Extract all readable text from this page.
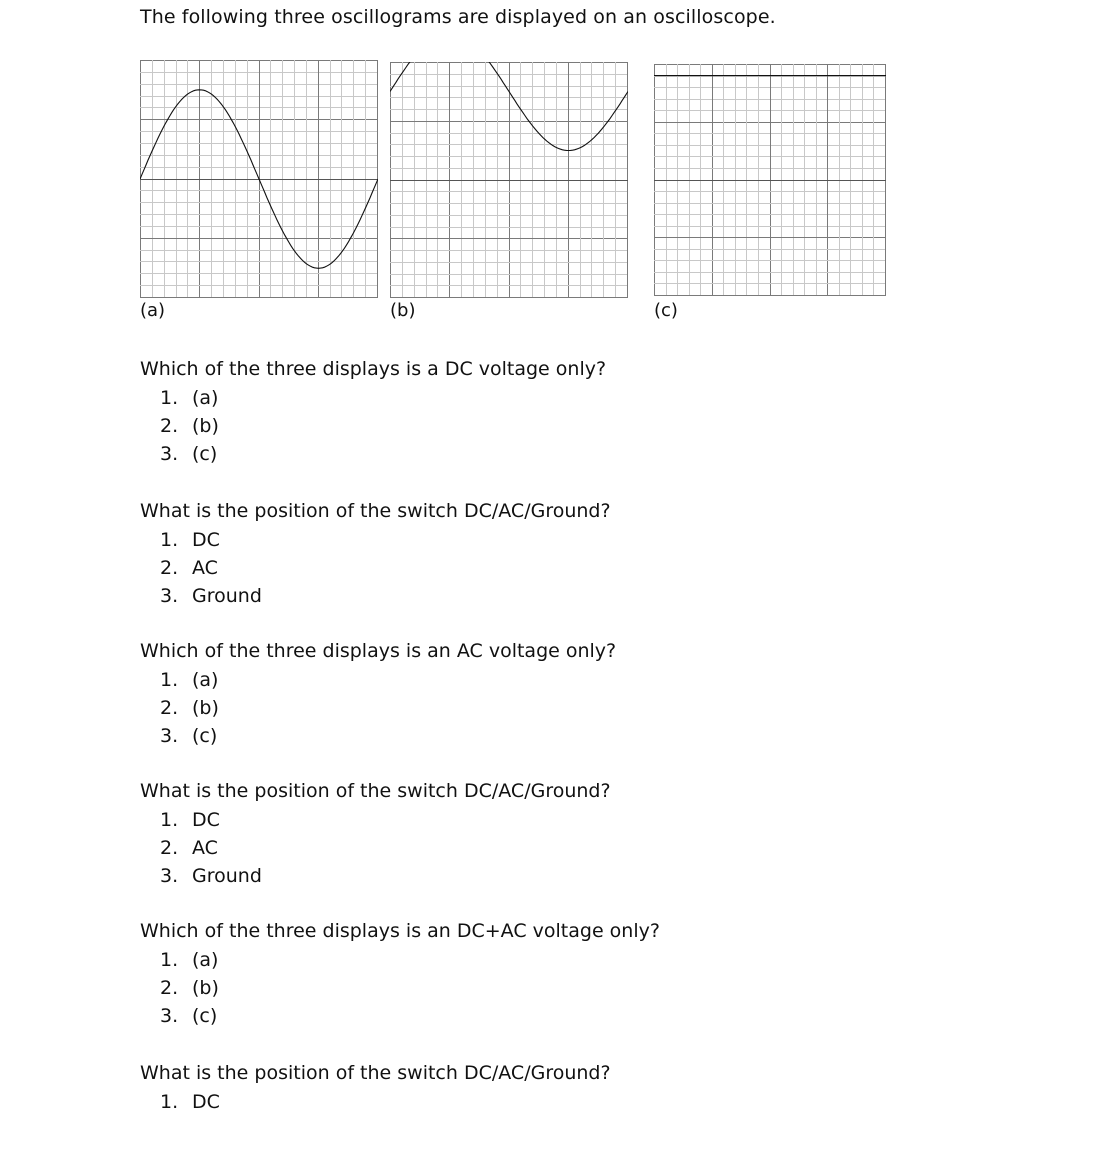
The following three oscillograms are displayed on an oscilloscope.
(a)	(b)	(c)
Which of the three displays is a DC voltage only?
1. (a)
2. (b)
3. (c)
What is the position of the switch DC/AC/Ground?
1. DC
2. AC
3. Ground
Which of the three displays is an AC voltage only?
1. (a)
2. (b)
3. (c)
What is the position of the switch DC/AC/Ground?
1. DC
2. AC
3. Ground
Which of the three displays is an DC+AC voltage only?
1. (a)
2. (b)
3. (c)
What is the position of the switch DC/AC/Ground?
1. DC
